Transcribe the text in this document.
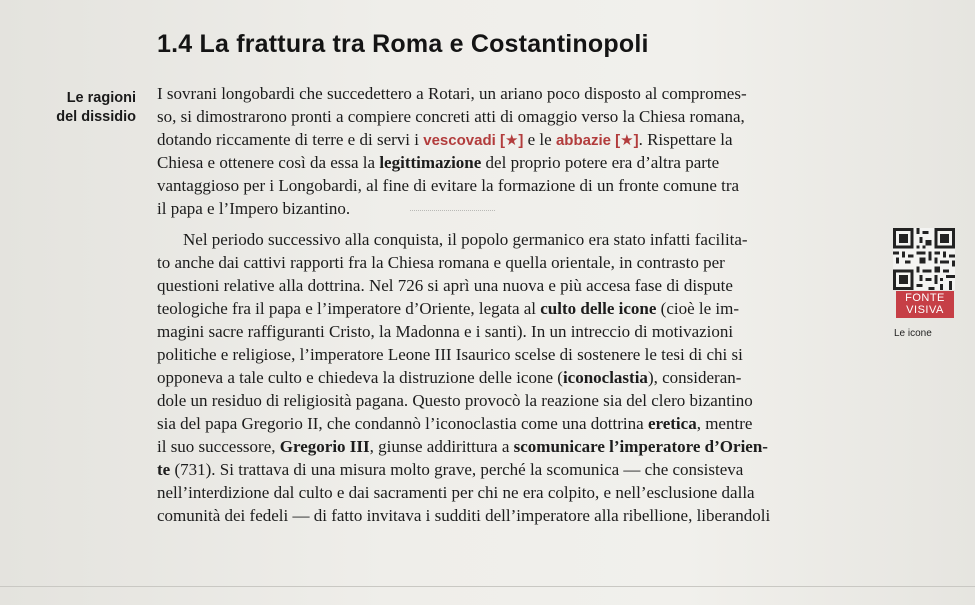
1.4 La frattura tra Roma e Costantinopoli
Le ragioni
del dissidio
I sovrani longobardi che succedettero a Rotari, un ariano poco disposto al compromes-
so, si dimostrarono pronti a compiere concreti atti di omaggio verso la Chiesa romana,
dotando riccamente di terre e di servi i vescovadi [★] e le abbazie [★]. Rispettare la
Chiesa e ottenere così da essa la legittimazione del proprio potere era d’altra parte
vantaggioso per i Longobardi, al fine di evitare la formazione di un fronte comune tra
il papa e l’Impero bizantino.
Nel periodo successivo alla conquista, il popolo germanico era stato infatti facilita-
to anche dai cattivi rapporti fra la Chiesa romana e quella orientale, in contrasto per
questioni relative alla dottrina. Nel 726 si aprì una nuova e più accesa fase di dispute
teologiche fra il papa e l’imperatore d’Oriente, legata al culto delle icone (cioè le im-
magini sacre raffiguranti Cristo, la Madonna e i santi). In un intreccio di motivazioni
politiche e religiose, l’imperatore Leone III Isaurico scelse di sostenere le tesi di chi si
opponeva a tale culto e chiedeva la distruzione delle icone (iconoclastia), consideran-
dole un residuo di religiosità pagana. Questo provocò la reazione sia del clero bizantino
sia del papa Gregorio II, che condannò l’iconoclastia come una dottrina eretica, mentre
il suo successore, Gregorio III, giunse addirittura a scomunicare l’imperatore d’Orien-
te (731). Si trattava di una misura molto grave, perché la scomunica — che consisteva
nell’interdizione dal culto e dai sacramenti per chi ne era colpito, e nell’esclusione dalla
comunità dei fedeli — di fatto invitava i sudditi dell’imperatore alla ribellione, liberandoli
FONTE
VISIVA
Le icone
